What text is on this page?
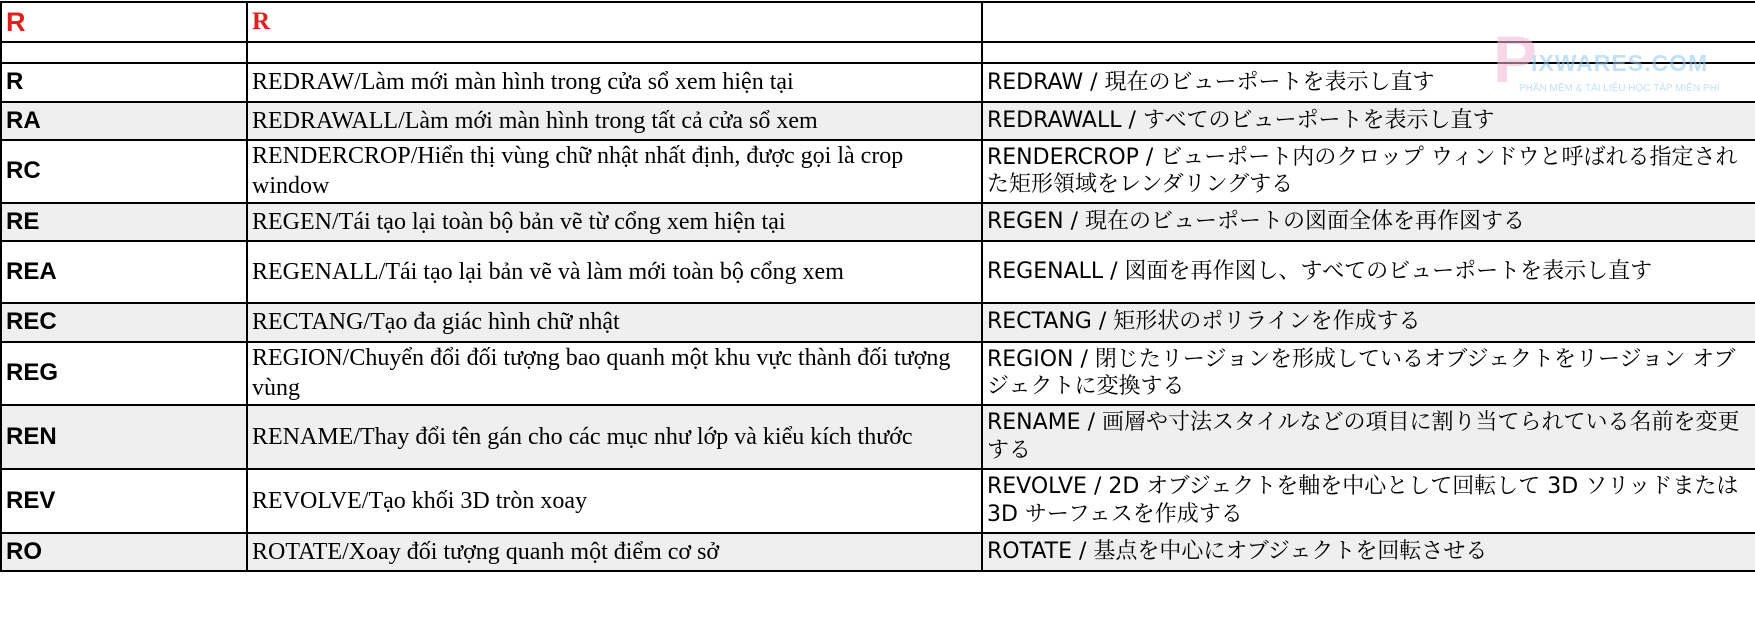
R	R	

R	REDRAW/Làm mới màn hình trong cửa sổ xem hiện tại	REDRAW / 現在のビューポートを表示し直す
RA	REDRAWALL/Làm mới màn hình trong tất cả cửa sổ xem	REDRAWALL / すべてのビューポートを表示し直す
RC	RENDERCROP/Hiển thị vùng chữ nhật nhất định, được gọi là crop window	RENDERCROP / ビューポート内のクロップ ウィンドウと呼ばれる指定された矩形領域をレンダリングする
RE	REGEN/Tái tạo lại toàn bộ bản vẽ từ cổng xem hiện tại	REGEN / 現在のビューポートの図面全体を再作図する
REA	REGENALL/Tái tạo lại bản vẽ và làm mới toàn bộ cổng xem	REGENALL / 図面を再作図し、すべてのビューポートを表示し直す
REC	RECTANG/Tạo đa giác hình chữ nhật	RECTANG / 矩形状のポリラインを作成する
REG	REGION/Chuyển đổi đối tượng bao quanh một khu vực thành đối tượng vùng	REGION / 閉じたリージョンを形成しているオブジェクトをリージョン オブジェクトに変換する
REN	RENAME/Thay đổi tên gán cho các mục như lớp và kiểu kích thước	RENAME / 画層や寸法スタイルなどの項目に割り当てられている名前を変更する
REV	REVOLVE/Tạo khối 3D tròn xoay	REVOLVE / 2D オブジェクトを軸を中心として回転して 3D ソリッドまたは 3D サーフェスを作成する
RO	ROTATE/Xoay đối tượng quanh một điểm cơ sở	ROTATE / 基点を中心にオブジェクトを回転させる
P
IXWARES.COM
PHẦN MỀM & TÀI LIỆU HỌC TẬP MIỄN PHÍ
